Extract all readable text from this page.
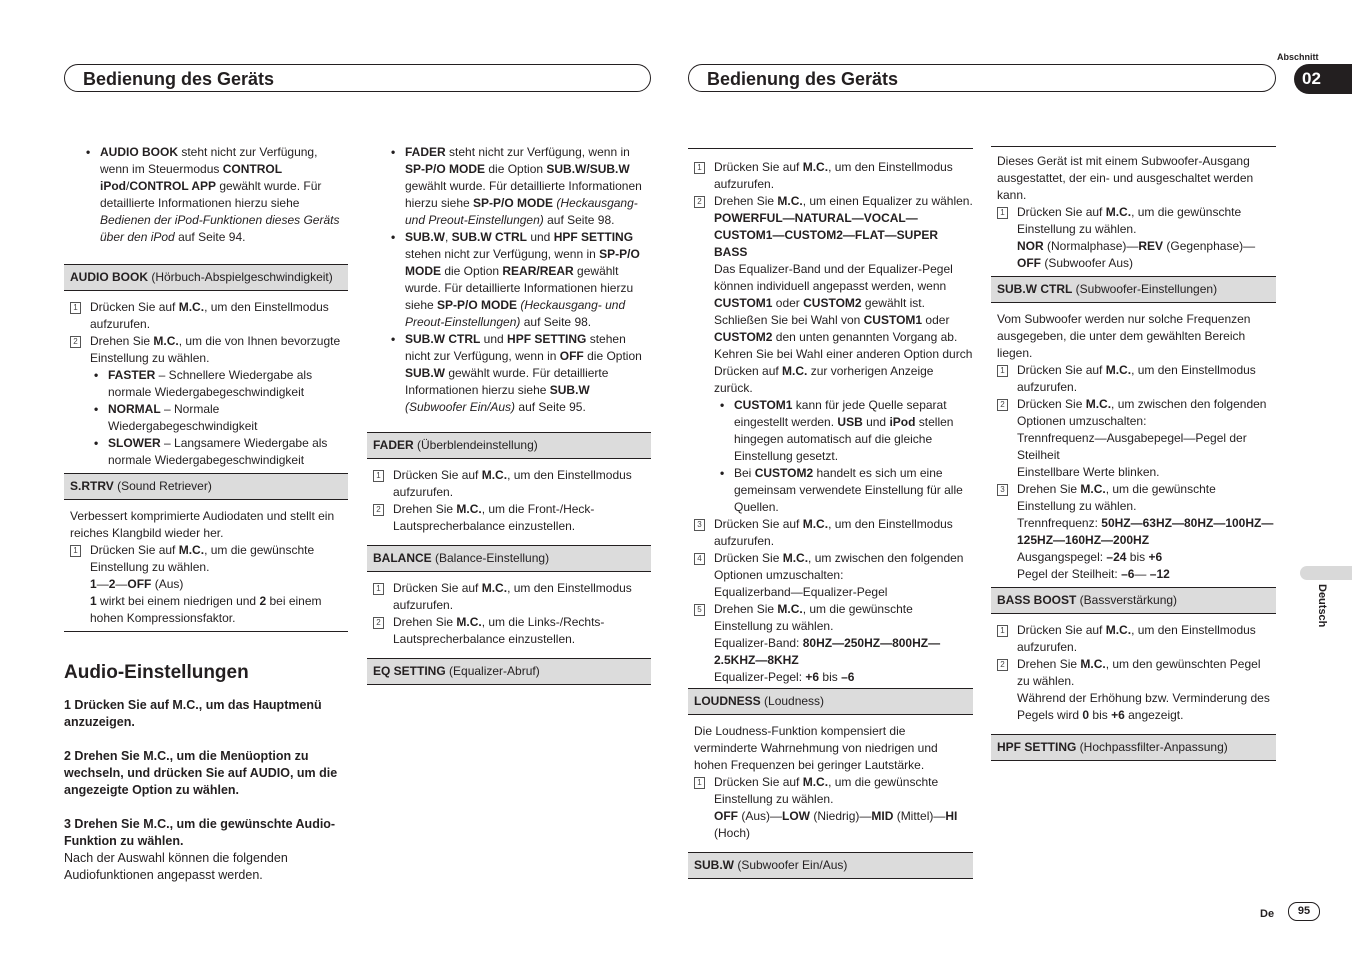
Bedienung des Geräts	Bedienung des Geräts
Abschnitt
02
Deutsch
De	95
• AUDIO BOOK steht nicht zur Verfügung, wenn im Steuermodus CONTROL iPod/CONTROL APP gewählt wurde. Für detaillierte Informationen hierzu siehe Bedienen der iPod-Funktionen dieses Geräts über den iPod auf Seite 94.
AUDIO BOOK (Hörbuch-Abspielgeschwindigkeit)
1 Drücken Sie auf M.C., um den Einstellmodus aufzurufen.
2 Drehen Sie M.C., um die von Ihnen bevorzugte Einstellung zu wählen.
• FASTER – Schnellere Wiedergabe als normale Wiedergabegeschwindigkeit
• NORMAL – Normale Wiedergabegeschwindigkeit
• SLOWER – Langsamere Wiedergabe als normale Wiedergabegeschwindigkeit
S.RTRV (Sound Retriever)
Verbessert komprimierte Audiodaten und stellt ein reiches Klangbild wieder her.
1 Drücken Sie auf M.C., um die gewünschte Einstellung zu wählen.
1—2—OFF (Aus)
1 wirkt bei einem niedrigen und 2 bei einem hohen Kompressionsfaktor.
Audio-Einstellungen
1 Drücken Sie auf M.C., um das Hauptmenü anzuzeigen.
2 Drehen Sie M.C., um die Menüoption zu wechseln, und drücken Sie auf AUDIO, um die angezeigte Option zu wählen.
3 Drehen Sie M.C., um die gewünschte Audio-Funktion zu wählen.
Nach der Auswahl können die folgenden Audiofunktionen angepasst werden.
• FADER steht nicht zur Verfügung, wenn in SP-P/O MODE die Option SUB.W/SUB.W gewählt wurde. Für detaillierte Informationen hierzu siehe SP-P/O MODE (Heckausgang- und Preout-Einstellungen) auf Seite 98.
• SUB.W, SUB.W CTRL und HPF SETTING stehen nicht zur Verfügung, wenn in SP-P/O MODE die Option REAR/REAR gewählt wurde. Für detaillierte Informationen hierzu siehe SP-P/O MODE (Heckausgang- und Preout-Einstellungen) auf Seite 98.
• SUB.W CTRL und HPF SETTING stehen nicht zur Verfügung, wenn in OFF die Option SUB.W gewählt wurde. Für detaillierte Informationen hierzu siehe SUB.W (Subwoofer Ein/Aus) auf Seite 95.
FADER (Überblendeinstellung)
1 Drücken Sie auf M.C., um den Einstellmodus aufzurufen.
2 Drehen Sie M.C., um die Front-/Heck-Lautsprecherbalance einzustellen.
BALANCE (Balance-Einstellung)
1 Drücken Sie auf M.C., um den Einstellmodus aufzurufen.
2 Drehen Sie M.C., um die Links-/Rechts-Lautsprecherbalance einzustellen.
EQ SETTING (Equalizer-Abruf)
1 Drücken Sie auf M.C., um den Einstellmodus aufzurufen.
2 Drehen Sie M.C., um einen Equalizer zu wählen.
POWERFUL—NATURAL—VOCAL—CUSTOM1—CUSTOM2—FLAT—SUPER BASS
Das Equalizer-Band und der Equalizer-Pegel können individuell angepasst werden, wenn CUSTOM1 oder CUSTOM2 gewählt ist. Schließen Sie bei Wahl von CUSTOM1 oder CUSTOM2 den unten genannten Vorgang ab. Kehren Sie bei Wahl einer anderen Option durch Drücken auf M.C. zur vorherigen Anzeige zurück.
• CUSTOM1 kann für jede Quelle separat eingestellt werden. USB und iPod stellen hingegen automatisch auf die gleiche Einstellung gesetzt.
• Bei CUSTOM2 handelt es sich um eine gemeinsam verwendete Einstellung für alle Quellen.
3 Drücken Sie auf M.C., um den Einstellmodus aufzurufen.
4 Drücken Sie M.C., um zwischen den folgenden Optionen umzuschalten:
Equalizerband—Equalizer-Pegel
5 Drehen Sie M.C., um die gewünschte Einstellung zu wählen.
Equalizer-Band: 80HZ—250HZ—800HZ—2.5KHZ—8KHZ
Equalizer-Pegel: +6 bis –6
LOUDNESS (Loudness)
Die Loudness-Funktion kompensiert die verminderte Wahrnehmung von niedrigen und hohen Frequenzen bei geringer Lautstärke.
1 Drücken Sie auf M.C., um die gewünschte Einstellung zu wählen.
OFF (Aus)—LOW (Niedrig)—MID (Mittel)—HI (Hoch)
SUB.W (Subwoofer Ein/Aus)
Dieses Gerät ist mit einem Subwoofer-Ausgang ausgestattet, der ein- und ausgeschaltet werden kann.
1 Drücken Sie auf M.C., um die gewünschte Einstellung zu wählen.
NOR (Normalphase)—REV (Gegenphase)—OFF (Subwoofer Aus)
SUB.W CTRL (Subwoofer-Einstellungen)
Vom Subwoofer werden nur solche Frequenzen ausgegeben, die unter dem gewählten Bereich liegen.
1 Drücken Sie auf M.C., um den Einstellmodus aufzurufen.
2 Drücken Sie M.C., um zwischen den folgenden Optionen umzuschalten:
Trennfrequenz—Ausgabepegel—Pegel der Steilheit
Einstellbare Werte blinken.
3 Drehen Sie M.C., um die gewünschte Einstellung zu wählen.
Trennfrequenz: 50HZ—63HZ—80HZ—100HZ—125HZ—160HZ—200HZ
Ausgangspegel: –24 bis +6
Pegel der Steilheit: –6— –12
BASS BOOST (Bassverstärkung)
1 Drücken Sie auf M.C., um den Einstellmodus aufzurufen.
2 Drehen Sie M.C., um den gewünschten Pegel zu wählen.
Während der Erhöhung bzw. Verminderung des Pegels wird 0 bis +6 angezeigt.
HPF SETTING (Hochpassfilter-Anpassung)
